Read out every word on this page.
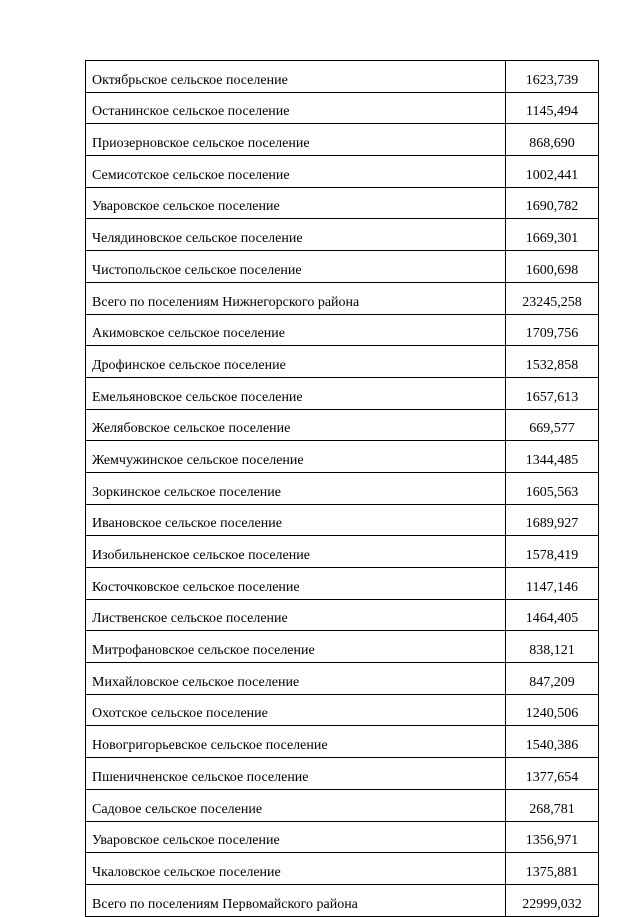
Октябрьское сельское поселение	1623,739
Останинское сельское поселение	1145,494
Приозерновское сельское поселение	868,690
Семисотское сельское поселение	1002,441
Уваровское сельское поселение	1690,782
Челядиновское сельское поселение	1669,301
Чистопольское сельское поселение	1600,698
Всего по поселениям Нижнегорского района	23245,258
Акимовское сельское поселение	1709,756
Дрофинское сельское поселение	1532,858
Емельяновское сельское поселение	1657,613
Желябовское сельское поселение	669,577
Жемчужинское сельское поселение	1344,485
Зоркинское сельское поселение	1605,563
Ивановское сельское поселение	1689,927
Изобильненское сельское поселение	1578,419
Косточковское сельское поселение	1147,146
Лиственское сельское поселение	1464,405
Митрофановское сельское поселение	838,121
Михайловское сельское поселение	847,209
Охотское сельское поселение	1240,506
Новогригорьевское сельское поселение	1540,386
Пшеничненское сельское поселение	1377,654
Садовое сельское поселение	268,781
Уваровское сельское поселение	1356,971
Чкаловское сельское поселение	1375,881
Всего по поселениям Первомайского района	22999,032
